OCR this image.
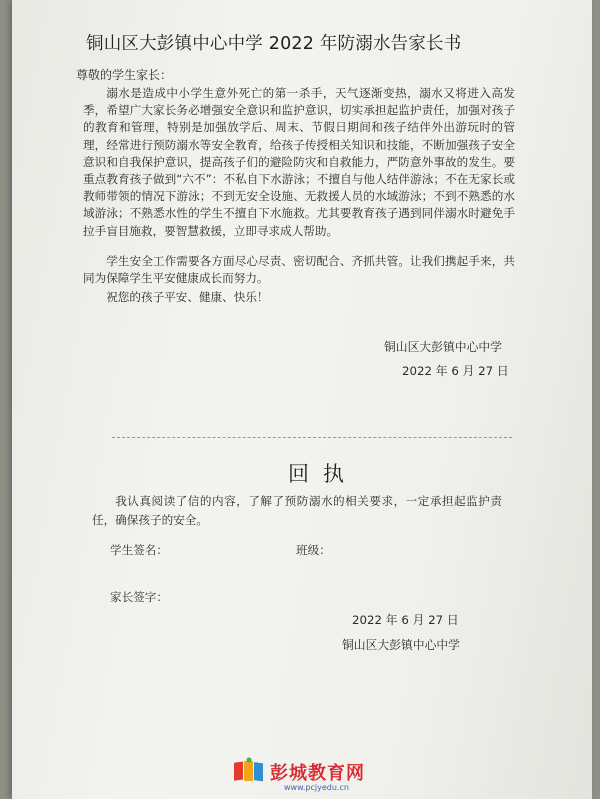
铜山区大彭镇中心中学 2022 年防溺水告家长书
尊敬的学生家长：
溺水是造成中小学生意外死亡的第一杀手，天气逐渐变热，溺水又将进入高发季，希望广大家长务必增强安全意识和监护意识，切实承担起监护责任，加强对孩子的教育和管理，特别是加强放学后、周末、节假日期间和孩子结伴外出游玩时的管理，经常进行预防溺水等安全教育，给孩子传授相关知识和技能，不断加强孩子安全意识和自我保护意识，提高孩子们的避险防灾和自救能力，严防意外事故的发生。要重点教育孩子做到“六不”：不私自下水游泳；不擅自与他人结伴游泳；不在无家长或教师带领的情况下游泳；不到无安全设施、无救援人员的水域游泳；不到不熟悉的水域游泳；不熟悉水性的学生不擅自下水施救。尤其要教育孩子遇到同伴溺水时避免手拉手盲目施救，要智慧救援，立即寻求成人帮助。
学生安全工作需要各方面尽心尽责、密切配合、齐抓共管。让我们携起手来，共同为保障学生平安健康成长而努力。
祝您的孩子平安、健康、快乐！
铜山区大彭镇中心中学
2022 年 6 月 27 日
回执
我认真阅读了信的内容，了解了预防溺水的相关要求，一定承担起监护责任，确保孩子的安全。
学生签名：	班级：
家长签字：
2022 年 6 月 27 日
铜山区大彭镇中心中学
彭城教育网
www.pcjyedu.cn
